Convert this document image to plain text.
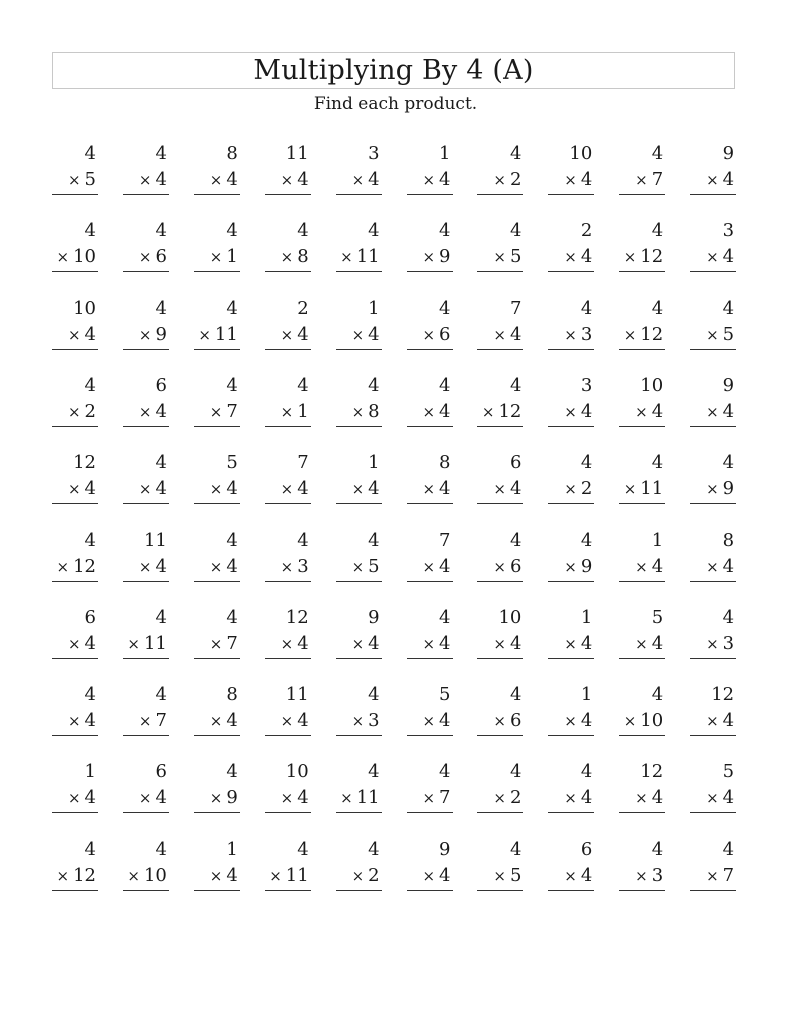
Multiplying By 4 (A)
Find each product.
4
× 5
4
× 4
8
× 4
11
× 4
3
× 4
1
× 4
4
× 2
10
× 4
4
× 7
9
× 4
4
× 10
4
× 6
4
× 1
4
× 8
4
× 11
4
× 9
4
× 5
2
× 4
4
× 12
3
× 4
10
× 4
4
× 9
4
× 11
2
× 4
1
× 4
4
× 6
7
× 4
4
× 3
4
× 12
4
× 5
4
× 2
6
× 4
4
× 7
4
× 1
4
× 8
4
× 4
4
× 12
3
× 4
10
× 4
9
× 4
12
× 4
4
× 4
5
× 4
7
× 4
1
× 4
8
× 4
6
× 4
4
× 2
4
× 11
4
× 9
4
× 12
11
× 4
4
× 4
4
× 3
4
× 5
7
× 4
4
× 6
4
× 9
1
× 4
8
× 4
6
× 4
4
× 11
4
× 7
12
× 4
9
× 4
4
× 4
10
× 4
1
× 4
5
× 4
4
× 3
4
× 4
4
× 7
8
× 4
11
× 4
4
× 3
5
× 4
4
× 6
1
× 4
4
× 10
12
× 4
1
× 4
6
× 4
4
× 9
10
× 4
4
× 11
4
× 7
4
× 2
4
× 4
12
× 4
5
× 4
4
× 12
4
× 10
1
× 4
4
× 11
4
× 2
9
× 4
4
× 5
6
× 4
4
× 3
4
× 7
